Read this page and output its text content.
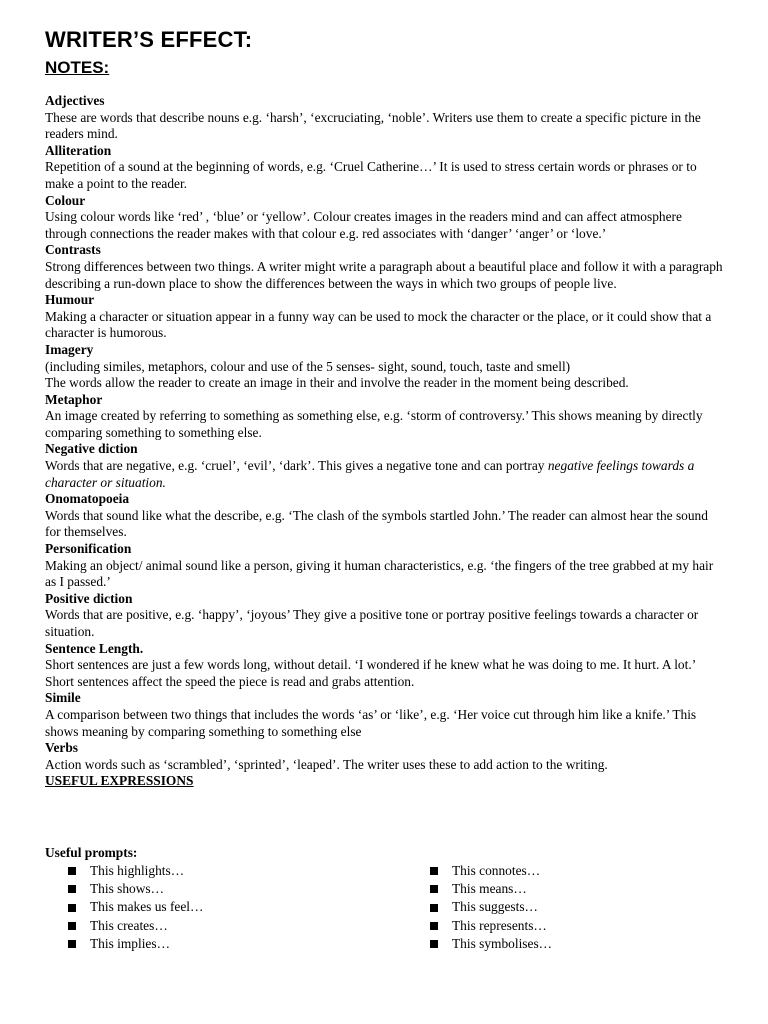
WRITER’S EFFECT:
NOTES:
Adjectives
These are words that describe nouns e.g. ‘harsh’, ‘excruciating, ‘noble’. Writers use them to create a specific picture in the readers mind.
Alliteration
Repetition of a sound at the beginning of words, e.g. ‘Cruel Catherine…’ It is used to stress certain words or phrases or to make a point to the reader.
Colour
Using colour words like ‘red’ , ‘blue’ or ‘yellow’. Colour creates images in the readers mind and can affect atmosphere through connections the reader makes with that colour e.g. red associates with ‘danger’ ‘anger’ or ‘love.’
Contrasts
Strong differences between two things. A writer might write a paragraph about a beautiful place and follow it with a paragraph describing a run-down place to show the differences between the ways in which two groups of people live.
Humour
Making a character or situation appear in a funny way can be used to mock the character or the place, or it could show that a character is humorous.
Imagery
(including similes, metaphors, colour and use of the 5 senses- sight, sound, touch, taste and smell)
The words allow the reader to create an image in their and involve the reader in the moment being described.
Metaphor
An image created by referring to something as something else, e.g. ‘storm of controversy.’ This shows meaning by directly comparing something to something else.
Negative diction
Words that are negative, e.g. ‘cruel’, ‘evil’, ‘dark’. This gives a negative tone and can portray negative feelings towards a character or situation.
Onomatopoeia
Words that sound like what the describe, e.g. ‘The clash of the symbols startled John.’ The reader can almost hear the sound for themselves.
Personification
Making an object/ animal sound like a person, giving it human characteristics, e.g. ‘the fingers of the tree grabbed at my hair as I passed.’
Positive diction
Words that are positive, e.g. ‘happy’, ‘joyous’ They give a positive tone or portray positive feelings towards a character or situation.
Sentence Length.
Short sentences are just a few words long, without detail. ‘I wondered if he knew what he was doing to me. It hurt. A lot.’ Short sentences affect the speed the piece is read and grabs attention.
Simile
A comparison between two things that includes the words ‘as’ or ‘like’, e.g. ‘Her voice cut through him like a knife.’ This shows meaning by comparing something to something else
Verbs
Action words such as ‘scrambled’, ‘sprinted’, ‘leaped’. The writer uses these to add action to the writing.
USEFUL EXPRESSIONS
Useful prompts:
This highlights…
This shows…
This makes us feel…
This creates…
This implies…
This connotes…
This means…
This suggests…
This represents…
This symbolises…
